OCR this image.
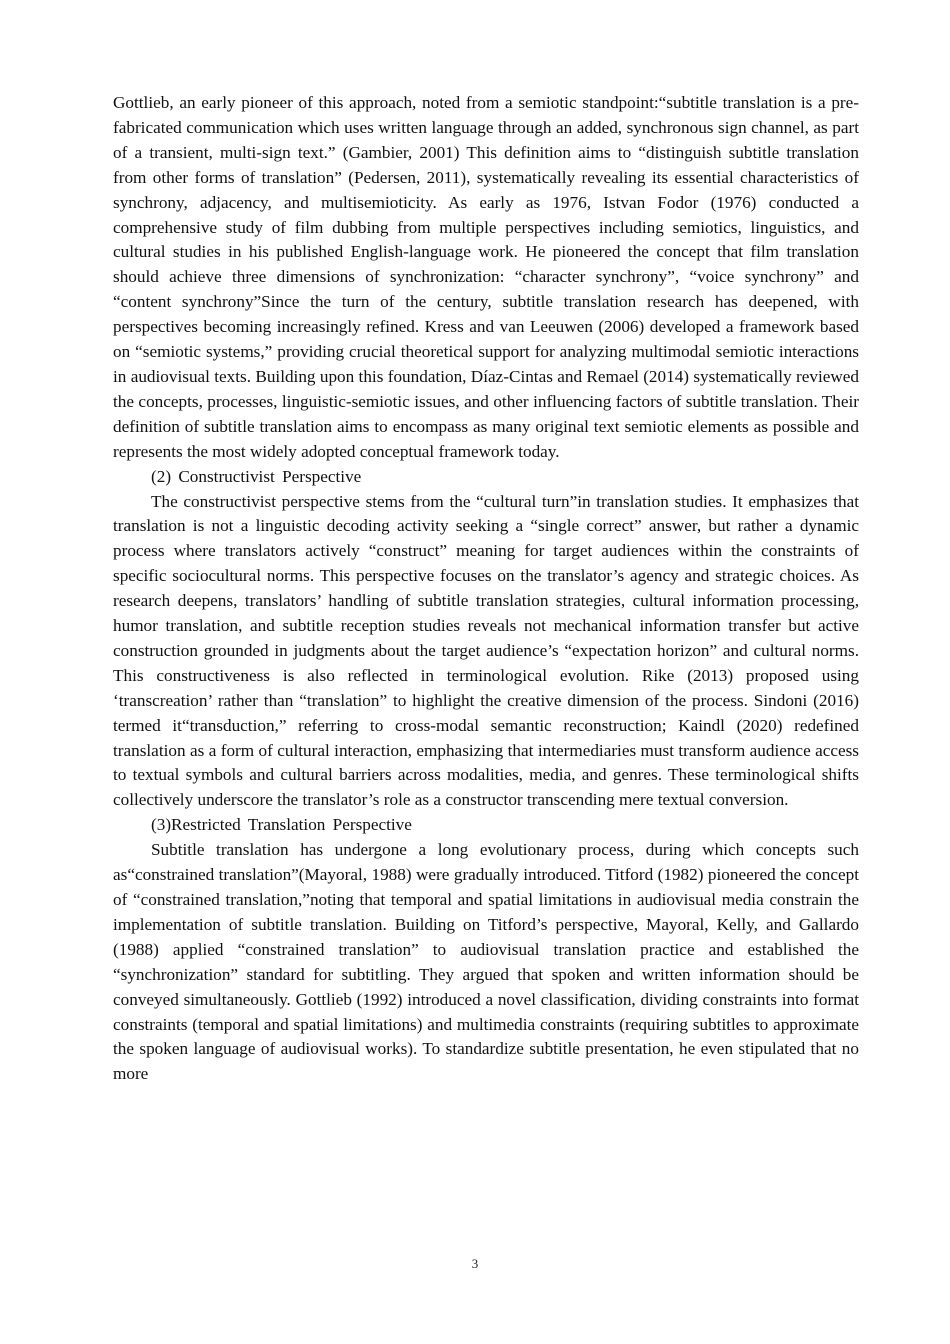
Gottlieb, an early pioneer of this approach, noted from a semiotic standpoint:“subtitle translation is a pre-fabricated communication which uses written language through an added, synchronous sign channel, as part of a transient, multi-sign text.” (Gambier, 2001) This definition aims to “distinguish subtitle translation from other forms of translation” (Pedersen, 2011), systematically revealing its essential characteristics of synchrony, adjacency, and multisemioticity. As early as 1976, Istvan Fodor (1976) conducted a comprehensive study of film dubbing from multiple perspectives including semiotics, linguistics, and cultural studies in his published English-language work. He pioneered the concept that film translation should achieve three dimensions of synchronization: “character synchrony”, “voice synchrony” and “content synchrony”Since the turn of the century, subtitle translation research has deepened, with perspectives becoming increasingly refined. Kress and van Leeuwen (2006) developed a framework based on “semiotic systems,” providing crucial theoretical support for analyzing multimodal semiotic interactions in audiovisual texts. Building upon this foundation, Díaz-Cintas and Remael (2014) systematically reviewed the concepts, processes, linguistic-semiotic issues, and other influencing factors of subtitle translation. Their definition of subtitle translation aims to encompass as many original text semiotic elements as possible and represents the most widely adopted conceptual framework today.

(2) Constructivist Perspective

The constructivist perspective stems from the “cultural turn”in translation studies. It emphasizes that translation is not a linguistic decoding activity seeking a “single correct” answer, but rather a dynamic process where translators actively “construct” meaning for target audiences within the constraints of specific sociocultural norms. This perspective focuses on the translator’s agency and strategic choices. As research deepens, translators’ handling of subtitle translation strategies, cultural information processing, humor translation, and subtitle reception studies reveals not mechanical information transfer but active construction grounded in judgments about the target audience’s “expectation horizon” and cultural norms. This constructiveness is also reflected in terminological evolution. Rike (2013) proposed using ‘transcreation’ rather than “translation” to highlight the creative dimension of the process. Sindoni (2016) termed it“transduction,” referring to cross-modal semantic reconstruction; Kaindl (2020) redefined translation as a form of cultural interaction, emphasizing that intermediaries must transform audience access to textual symbols and cultural barriers across modalities, media, and genres. These terminological shifts collectively underscore the translator’s role as a constructor transcending mere textual conversion.

(3)Restricted Translation Perspective

Subtitle translation has undergone a long evolutionary process, during which concepts such as“constrained translation”(Mayoral, 1988) were gradually introduced. Titford (1982) pioneered the concept of “constrained translation,”noting that temporal and spatial limitations in audiovisual media constrain the implementation of subtitle translation. Building on Titford’s perspective, Mayoral, Kelly, and Gallardo (1988) applied “constrained translation” to audiovisual translation practice and established the “synchronization” standard for subtitling. They argued that spoken and written information should be conveyed simultaneously. Gottlieb (1992) introduced a novel classification, dividing constraints into format constraints (temporal and spatial limitations) and multimedia constraints (requiring subtitles to approximate the spoken language of audiovisual works). To standardize subtitle presentation, he even stipulated that no more

3
